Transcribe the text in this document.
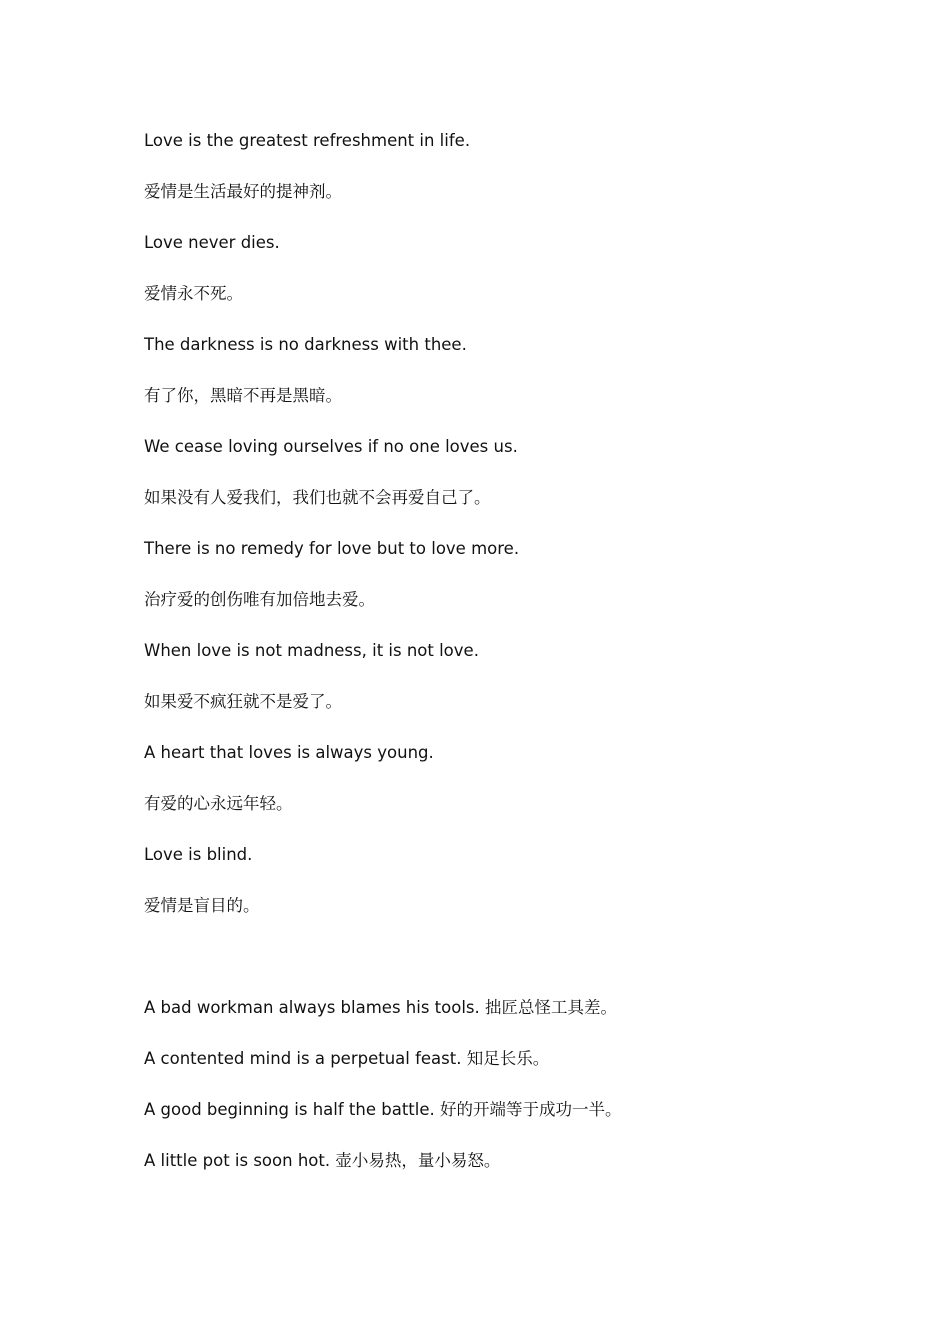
Love is the greatest refreshment in life.
爱情是生活最好的提神剂。
Love never dies.
爱情永不死。
The darkness is no darkness with thee.
有了你，黑暗不再是黑暗。
We cease loving ourselves if no one loves us.
如果没有人爱我们，我们也就不会再爱自己了。
There is no remedy for love but to love more.
治疗爱的创伤唯有加倍地去爱。
When love is not madness, it is not love.
如果爱不疯狂就不是爱了。
A heart that loves is always young.
有爱的心永远年轻。
Love is blind.
爱情是盲目的。
A bad workman always blames his tools. 拙匠总怪工具差。
A contented mind is a perpetual feast. 知足长乐。
A good beginning is half the battle. 好的开端等于成功一半。
A little pot is soon hot. 壶小易热，量小易怒。
